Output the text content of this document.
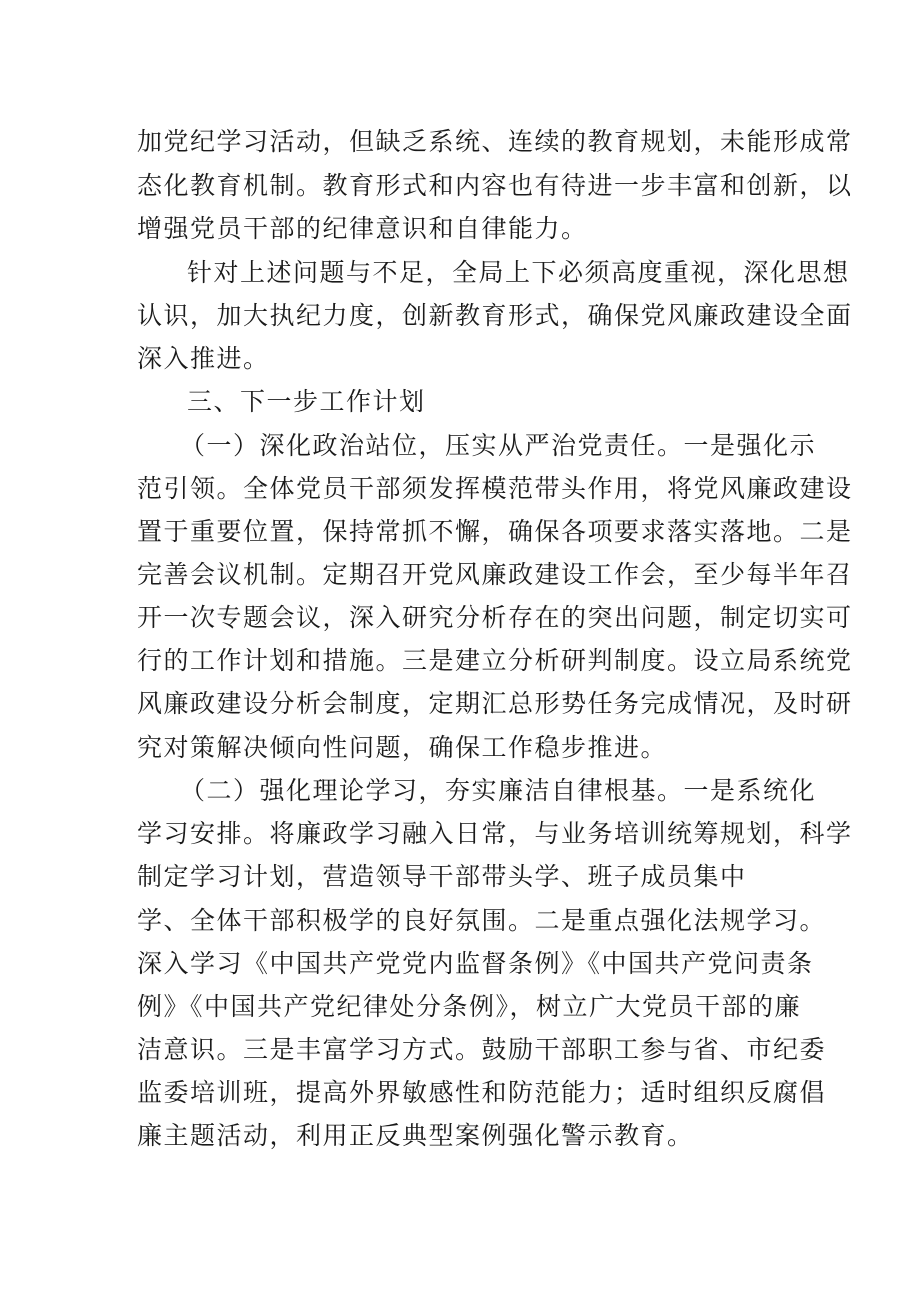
加党纪学习活动，但缺乏系统、连续的教育规划，未能形成常
态化教育机制。教育形式和内容也有待进一步丰富和创新，以
增强党员干部的纪律意识和自律能力。
针对上述问题与不足，全局上下必须高度重视，深化思想
认识，加大执纪力度，创新教育形式，确保党风廉政建设全面
深入推进。
三、下一步工作计划
（一）深化政治站位，压实从严治党责任。一是强化示
范引领。全体党员干部须发挥模范带头作用，将党风廉政建设
置于重要位置，保持常抓不懈，确保各项要求落实落地。二是
完善会议机制。定期召开党风廉政建设工作会，至少每半年召
开一次专题会议，深入研究分析存在的突出问题，制定切实可
行的工作计划和措施。三是建立分析研判制度。设立局系统党
风廉政建设分析会制度，定期汇总形势任务完成情况，及时研
究对策解决倾向性问题，确保工作稳步推进。
（二）强化理论学习，夯实廉洁自律根基。一是系统化
学习安排。将廉政学习融入日常，与业务培训统筹规划，科学
制定学习计划，营造领导干部带头学、班子成员集中
学、全体干部积极学的良好氛围。二是重点强化法规学习。
深入学习《中国共产党党内监督条例》《中国共产党问责条
例》《中国共产党纪律处分条例》，树立广大党员干部的廉
洁意识。三是丰富学习方式。鼓励干部职工参与省、市纪委
监委培训班，提高外界敏感性和防范能力；适时组织反腐倡
廉主题活动，利用正反典型案例强化警示教育。
